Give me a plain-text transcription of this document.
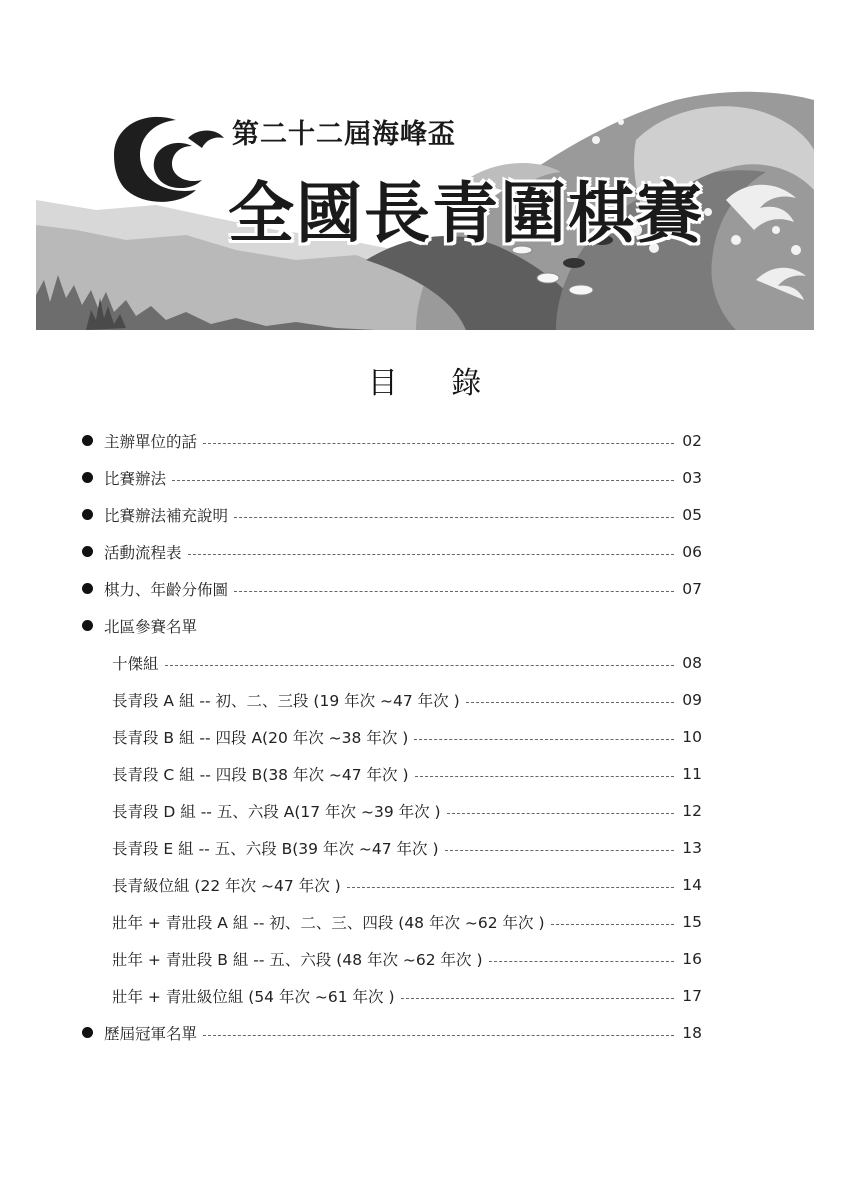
第二十二屆海峰盃
全國長青圍棋賽
目 錄
主辦單位的話	02
比賽辦法	03
比賽辦法補充說明	05
活動流程表	06
棋力、年齡分佈圖	07
北區參賽名單
十傑組	08
長青段 A 組 -- 初、二、三段 (19 年次 ~47 年次 )	09
長青段 B 組 -- 四段 A(20 年次 ~38 年次 )	10
長青段 C 組 -- 四段 B(38 年次 ~47 年次 )	11
長青段 D 組 -- 五、六段 A(17 年次 ~39 年次 )	12
長青段 E 組 -- 五、六段 B(39 年次 ~47 年次 )	13
長青級位組 (22 年次 ~47 年次 )	14
壯年 + 青壯段 A 組 -- 初、二、三、四段 (48 年次 ~62 年次 )	15
壯年 + 青壯段 B 組 -- 五、六段 (48 年次 ~62 年次 )	16
壯年 + 青壯級位組 (54 年次 ~61 年次 )	17
歷屆冠軍名單	18
